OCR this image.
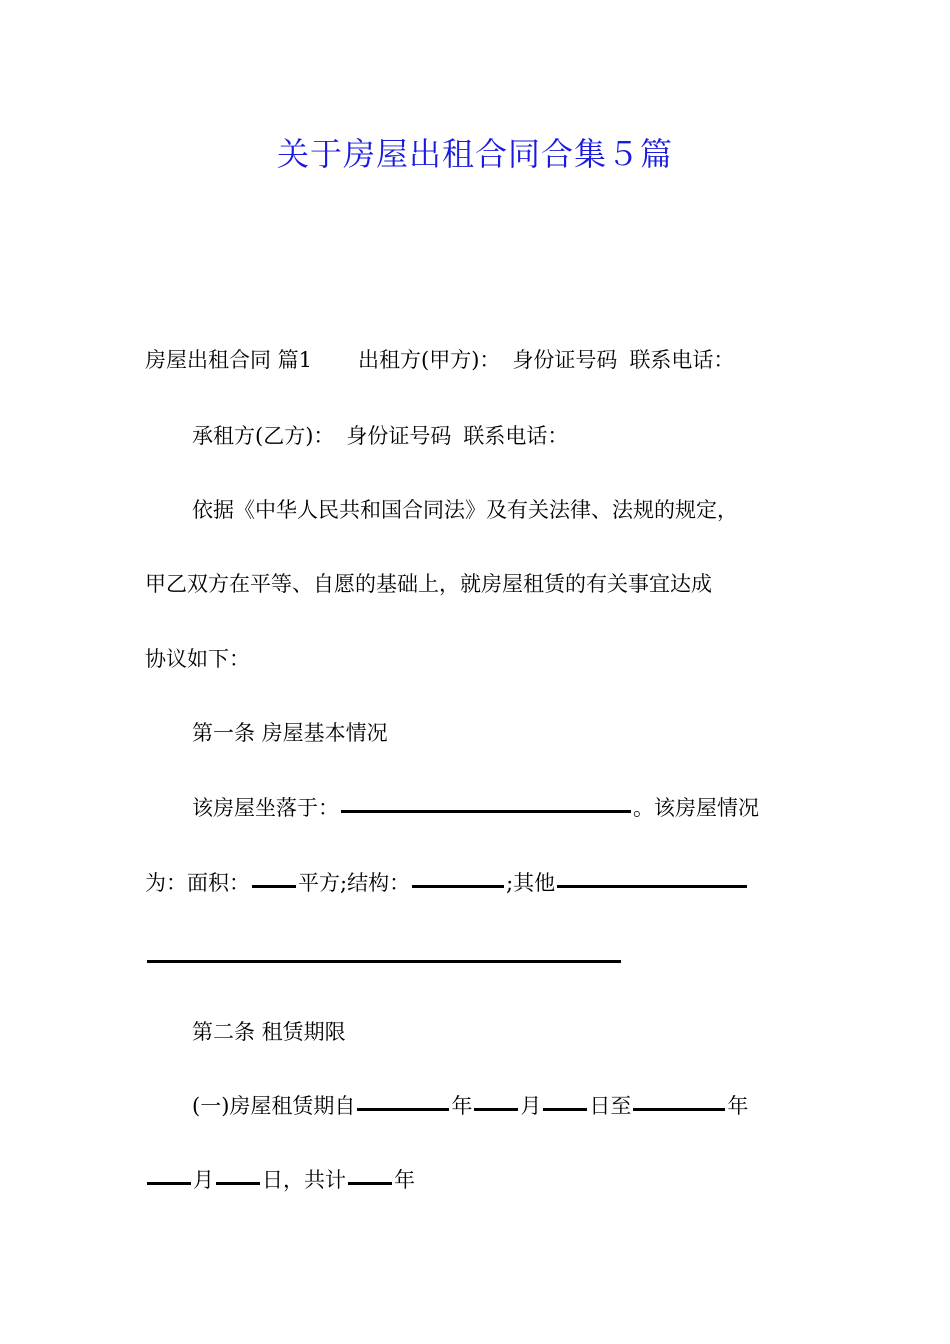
关于房屋出租合同合集５篇
房屋出租合同 篇1 出租方(甲方)： 身份证号码 联系电话：
承租方(乙方)： 身份证号码 联系电话：
依据《中华人民共和国合同法》及有关法律、法规的规定，
甲乙双方在平等、自愿的基础上，就房屋租赁的有关事宜达成
协议如下：
第一条 房屋基本情况
该房屋坐落于：	。该房屋情况
为：面积： 平方;结构：	;其他
第二条 租赁期限
(一)房屋租赁期自	年 月 日至	年
月 日，共计 年
